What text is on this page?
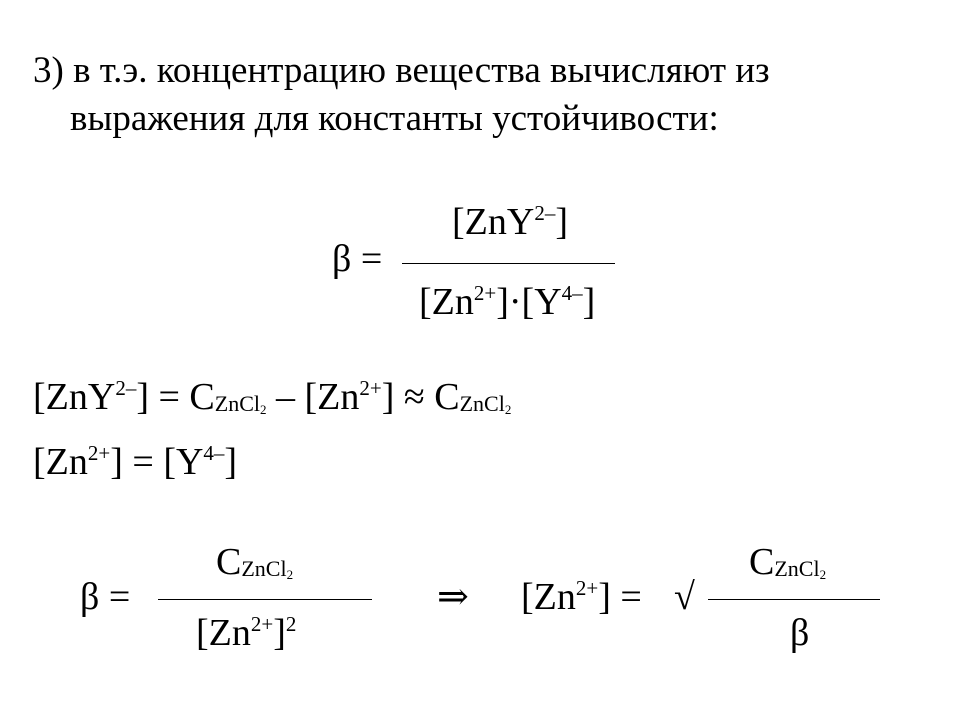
3) в т.э. концентрацию вещества вычисляют из
выражения для константы устойчивости:
[ZnY$^{2-}$]
β =
$[Zn^{2+}]\cdot[Y^{4-}]$
[ZnY$^{2-}$] = CZnCl2 – $[Zn^{2+}]$ ≈ CZnCl2
$[Zn^{2+}] = [Y^{4-}]$
CZnCl2
β =
$[Zn^{2+}]^2$
⇒ $[Zn^{2+}]$ = √
CZnCl2
β
